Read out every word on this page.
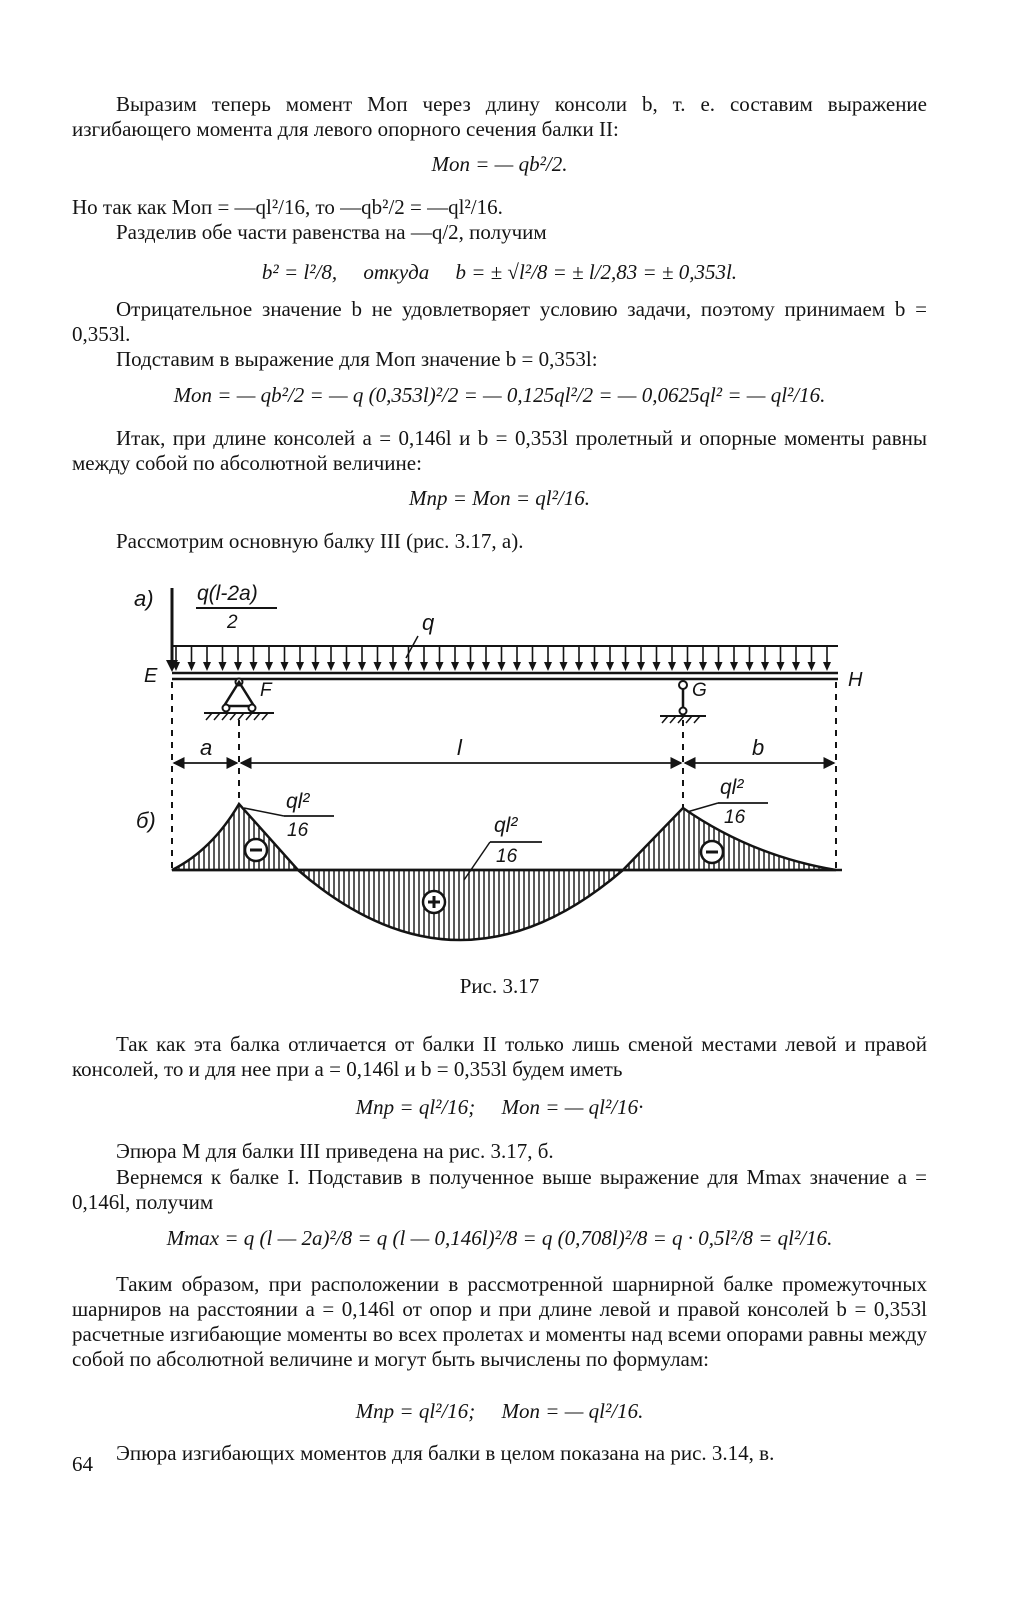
Выразим теперь момент Mоп через длину консоли b, т. е. составим выражение изгибающего момента для левого опорного сечения балки II:

Mоп = — qb²/2.

Но так как Mоп = —ql²/16, то —qb²/2 = —ql²/16.

Разделив обе части равенства на —q/2, получим

b² = l²/8,     откуда     b = ± √l²/8 = ± l/2,83 = ± 0,353l.

Отрицательное значение b не удовлетворяет условию задачи, поэтому принимаем b = 0,353l.

Подставим в выражение для Mоп значение b = 0,353l:

Mоп = — qb²/2 = — q (0,353l)²/2 = — 0,125ql²/2 = — 0,0625ql² = — ql²/16.

Итак, при длине консолей a = 0,146l и b = 0,353l пролетный и опорные моменты равны между собой по абсолютной величине:

Mпр = Mоп = ql²/16.

Рассмотрим основную балку III (рис. 3.17, а).

Рис. 3.17

Так как эта балка отличается от балки II только лишь сменой местами левой и правой консолей, то и для нее при a = 0,146l и b = 0,353l будем иметь

Mпр = ql²/16;     Mоп = — ql²/16·

Эпюра M для балки III приведена на рис. 3.17, б.

Вернемся к балке I. Подставив в полученное выше выражение для Mmax значение a = 0,146l, получим

Mmax = q (l — 2a)²/8 = q (l — 0,146l)²/8 = q (0,708l)²/8 = q · 0,5l²/8 = ql²/16.

Таким образом, при расположении в рассмотренной шарнирной балке промежуточных шарниров на расстоянии a = 0,146l от опор и при длине левой и правой консолей b = 0,353l расчетные изгибающие моменты во всех пролетах и моменты над всеми опорами равны между собой по абсолютной величине и могут быть вычислены по формулам:

Mпр = ql²/16;     Mоп = — ql²/16.

Эпюра изгибающих моментов для балки в целом показана на рис. 3.14, в.

a) q(l-2a)
2	q
E	H
F	G
a	l	b
б)
ql²
16	ql²
16
ql²
16
64
